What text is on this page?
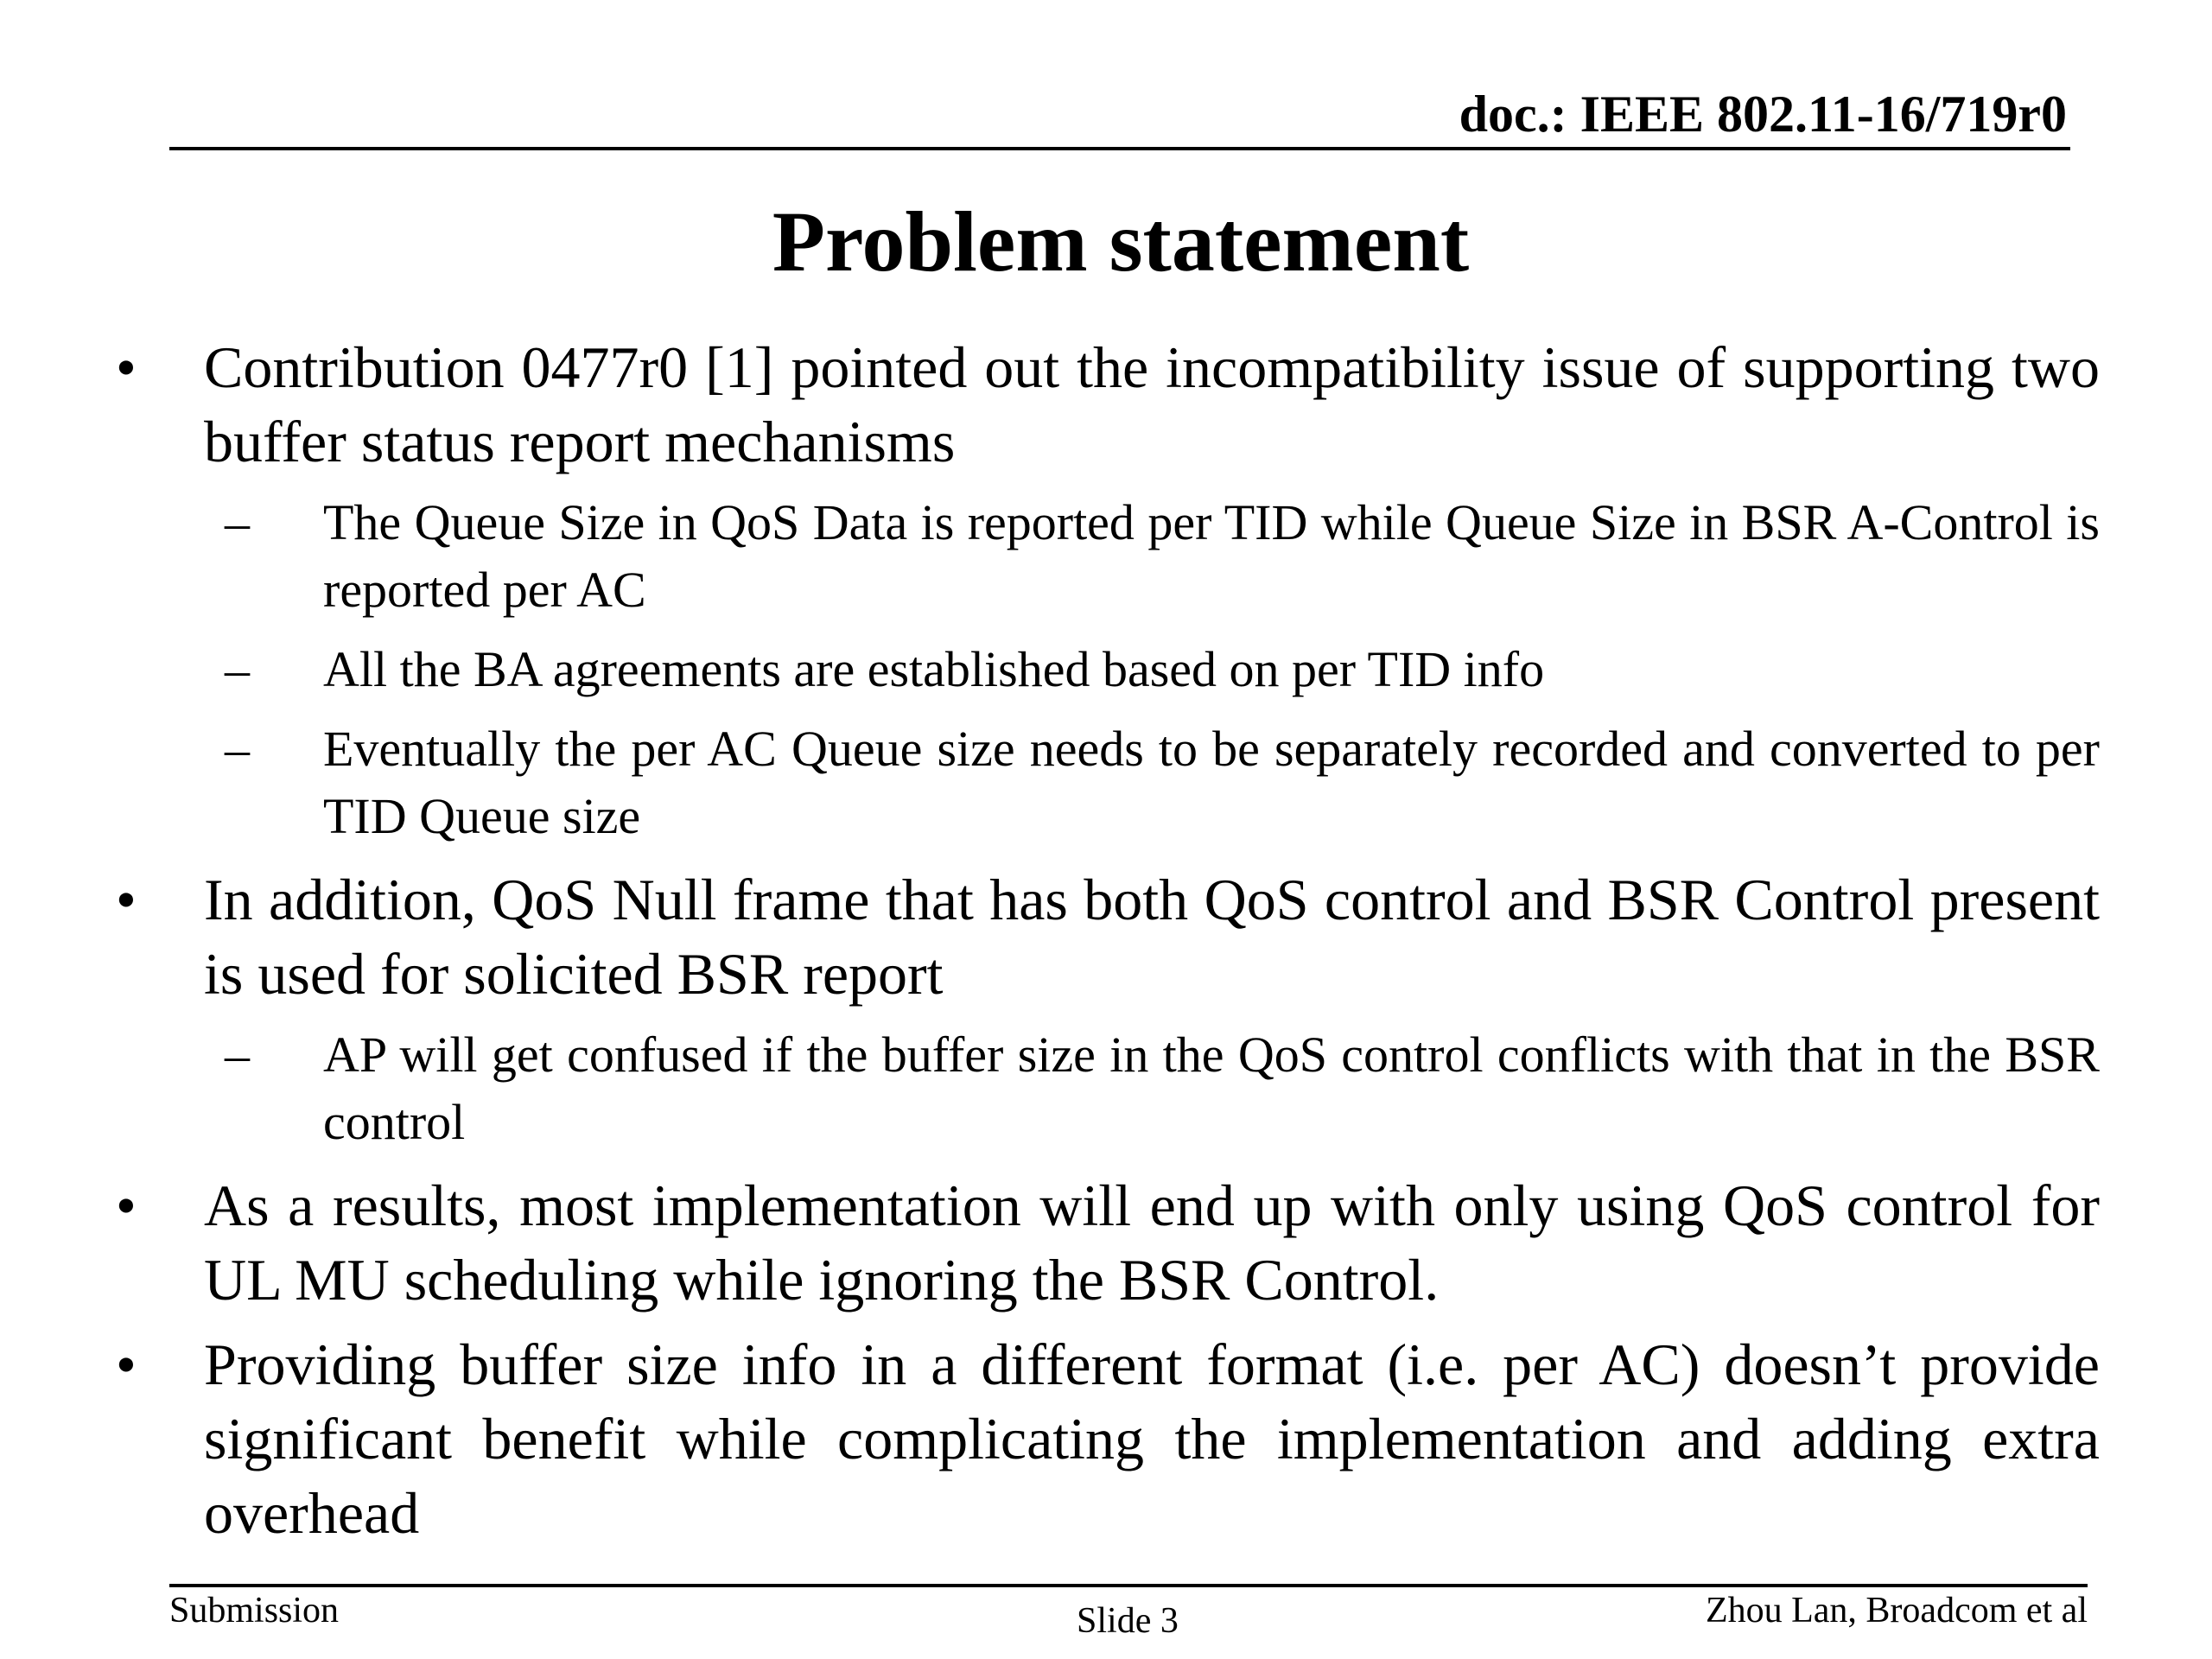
doc.: IEEE 802.11-16/719r0
Problem statement
•	Contribution 0477r0 [1] pointed out the incompatibility issue of supporting two buffer status report mechanisms
–	The Queue Size in QoS Data is reported per TID while Queue Size in BSR A-Control is reported per AC
–	All the BA agreements are established based on per TID info
–	Eventually the per AC Queue size needs to be separately recorded and converted to per TID Queue size
•	In addition, QoS Null frame that has both QoS control and BSR Control present is used for solicited BSR report
–	AP will get confused if the buffer size in the QoS control conflicts with that in the BSR control
•	As a results, most implementation will end up with only using QoS control for UL MU scheduling while ignoring the BSR Control.
•	Providing buffer size info in a different format (i.e. per AC) doesn’t provide significant benefit while complicating the implementation and adding extra overhead
Submission	Slide 3	Zhou Lan, Broadcom et al
